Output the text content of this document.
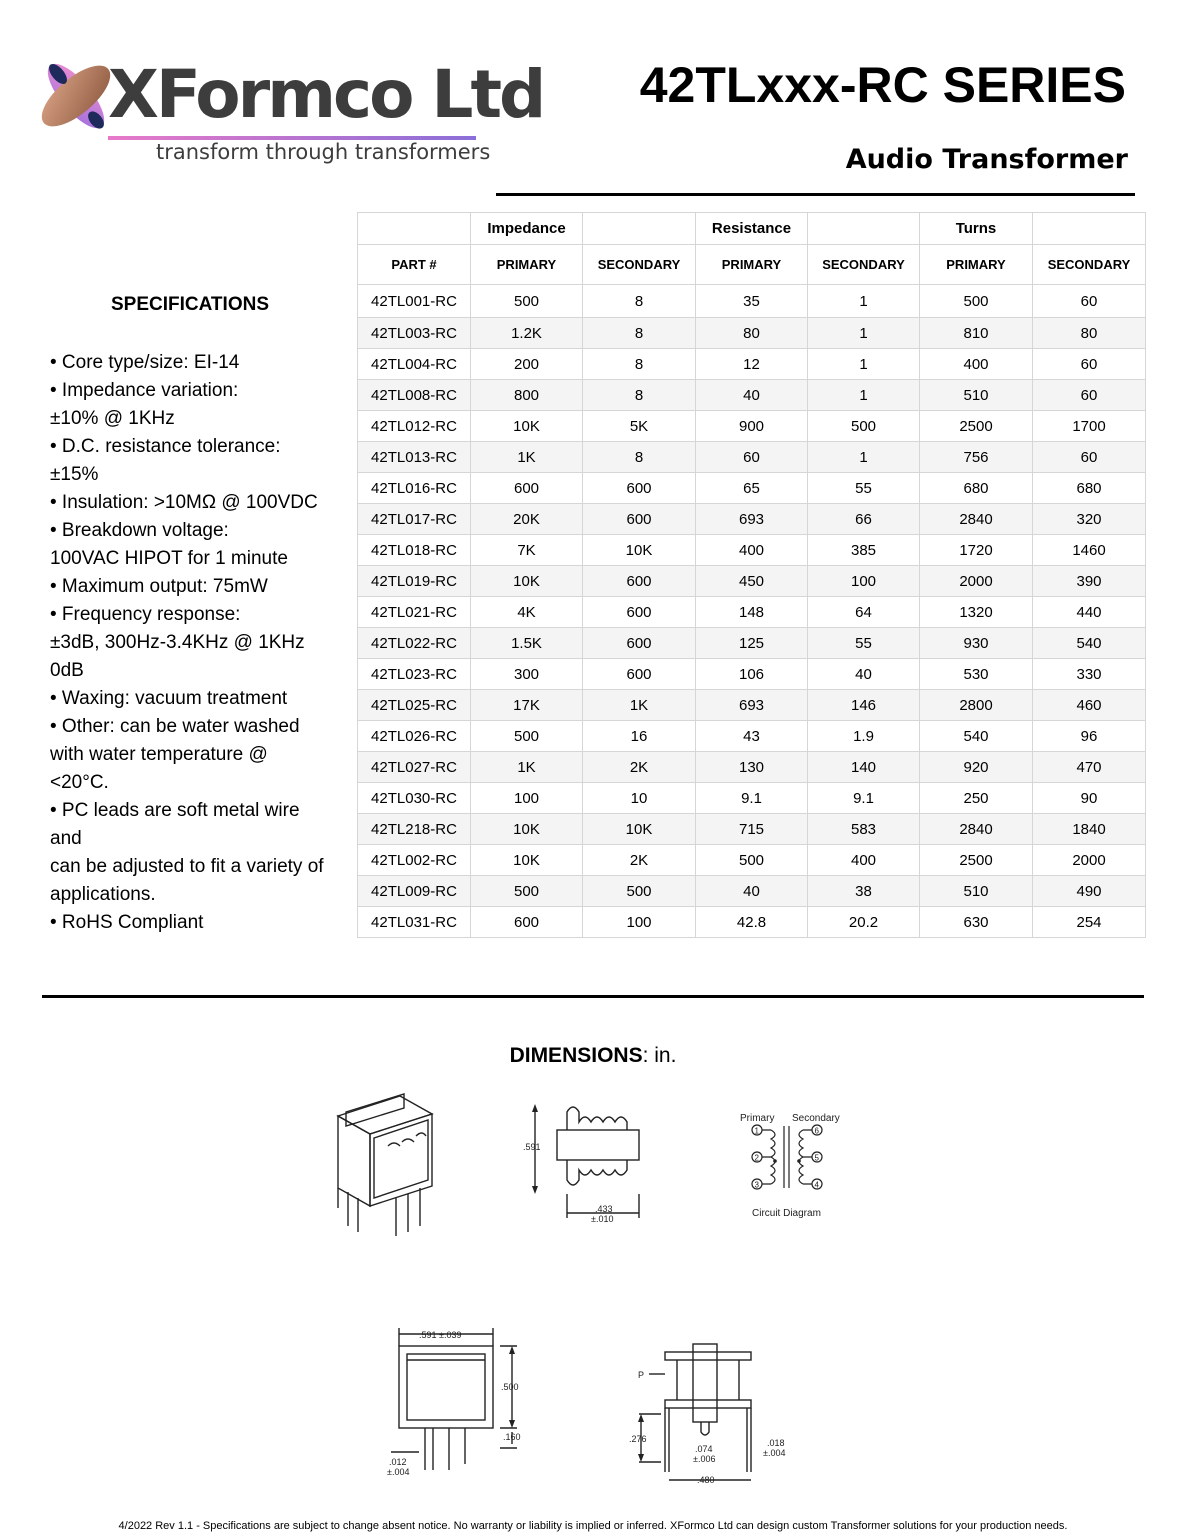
XFormco Ltd
transform through transformers
42TLxxx-RC SERIES
Audio Transformer
SPECIFICATIONS
• Core type/size: EI-14
• Impedance variation:
±10% @ 1KHz
• D.C. resistance tolerance:
±15%
• Insulation: >10MΩ @ 100VDC
• Breakdown voltage:
100VAC HIPOT for 1 minute
• Maximum output: 75mW
• Frequency response:
±3dB, 300Hz-3.4KHz @ 1KHz
0dB
• Waxing: vacuum treatment
• Other: can be water washed
with water temperature @
<20°C.
• PC leads are soft metal wire
and
can be adjusted to fit a variety of
applications.
• RoHS Compliant
	Impedance		Resistance		Turns	
PART #	PRIMARY	SECONDARY	PRIMARY	SECONDARY	PRIMARY	SECONDARY
42TL001-RC	500	8	35	1	500	60
42TL003-RC	1.2K	8	80	1	810	80
42TL004-RC	200	8	12	1	400	60
42TL008-RC	800	8	40	1	510	60
42TL012-RC	10K	5K	900	500	2500	1700
42TL013-RC	1K	8	60	1	756	60
42TL016-RC	600	600	65	55	680	680
42TL017-RC	20K	600	693	66	2840	320
42TL018-RC	7K	10K	400	385	1720	1460
42TL019-RC	10K	600	450	100	2000	390
42TL021-RC	4K	600	148	64	1320	440
42TL022-RC	1.5K	600	125	55	930	540
42TL023-RC	300	600	106	40	530	330
42TL025-RC	17K	1K	693	146	2800	460
42TL026-RC	500	16	43	1.9	540	96
42TL027-RC	1K	2K	130	140	920	470
42TL030-RC	100	10	9.1	9.1	250	90
42TL218-RC	10K	10K	715	583	2840	1840
42TL002-RC	10K	2K	500	400	2500	2000
42TL009-RC	500	500	40	38	510	490
42TL031-RC	600	100	42.8	20.2	630	254
DIMENSIONS: in.
.591
.433
±.010
Primary Secondary
1
2
3
6
5
4
Circuit Diagram
.591 ±.039
.500
.160
.012
±.004
P
.276
.074
±.006
.018
±.004
.480
4/2022 Rev 1.1 - Specifications are subject to change absent notice. No warranty or liability is implied or inferred. XFormco Ltd can design custom Transformer solutions for your production needs.
